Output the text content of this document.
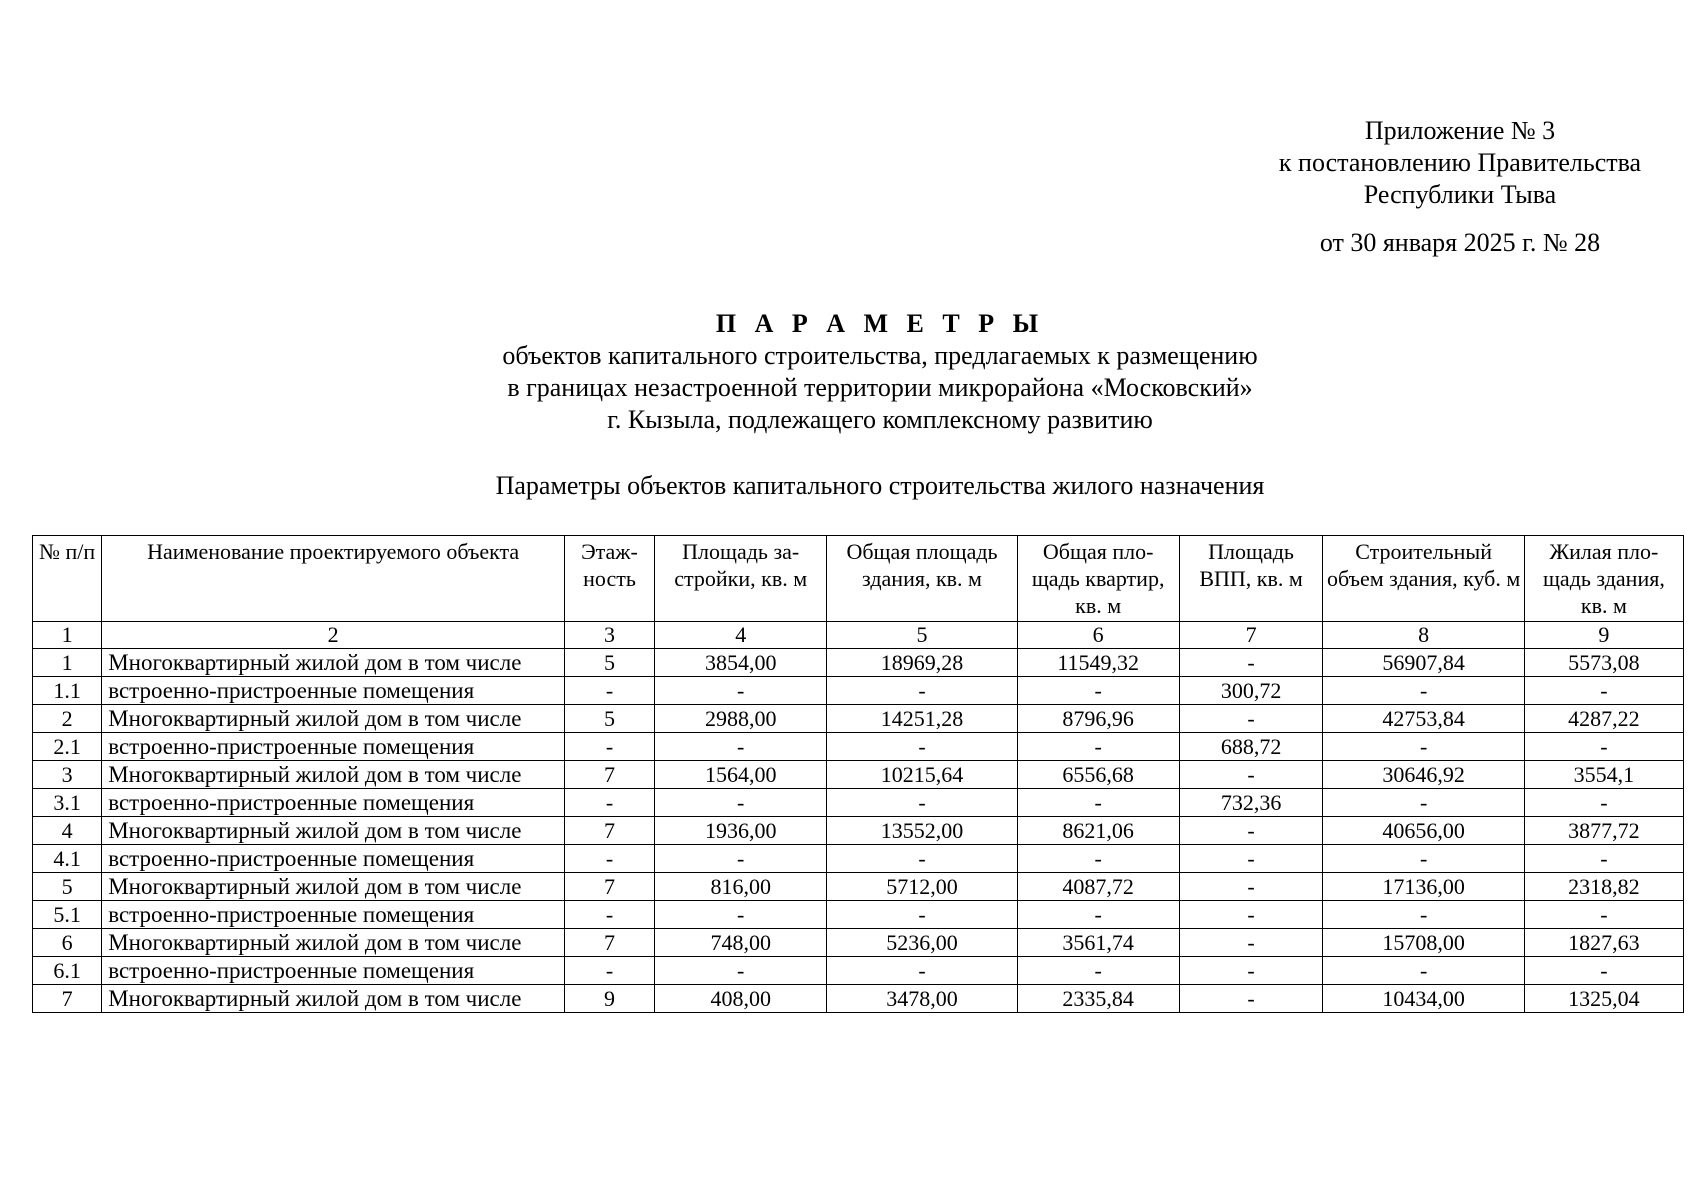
Приложение № 3
к постановлению Правительства
Республики Тыва
от 30 января 2025 г. № 28
П А Р А М Е Т Р Ы
объектов капитального строительства, предлагаемых к размещению
в границах незастроенной территории микрорайона «Московский»
г. Кызыла, подлежащего комплексному развитию
Параметры объектов капитального строительства жилого назначения
№ п/п	Наименование проектируемого объекта	Этаж-ность	Площадь за-стройки, кв. м	Общая площадь здания, кв. м	Общая пло-щадь квартир, кв. м	Площадь ВПП, кв. м	Строительный объем здания, куб. м	Жилая пло-щадь здания, кв. м
1	2	3	4	5	6	7	8	9
1	Многоквартирный жилой дом в том числе	5	3854,00	18969,28	11549,32	-	56907,84	5573,08
1.1	встроенно-пристроенные помещения	-	-	-	-	300,72	-	-
2	Многоквартирный жилой дом в том числе	5	2988,00	14251,28	8796,96	-	42753,84	4287,22
2.1	встроенно-пристроенные помещения	-	-	-	-	688,72	-	-
3	Многоквартирный жилой дом в том числе	7	1564,00	10215,64	6556,68	-	30646,92	3554,1
3.1	встроенно-пристроенные помещения	-	-	-	-	732,36	-	-
4	Многоквартирный жилой дом в том числе	7	1936,00	13552,00	8621,06	-	40656,00	3877,72
4.1	встроенно-пристроенные помещения	-	-	-	-	-	-	-
5	Многоквартирный жилой дом в том числе	7	816,00	5712,00	4087,72	-	17136,00	2318,82
5.1	встроенно-пристроенные помещения	-	-	-	-	-	-	-
6	Многоквартирный жилой дом в том числе	7	748,00	5236,00	3561,74	-	15708,00	1827,63
6.1	встроенно-пристроенные помещения	-	-	-	-	-	-	-
7	Многоквартирный жилой дом в том числе	9	408,00	3478,00	2335,84	-	10434,00	1325,04
